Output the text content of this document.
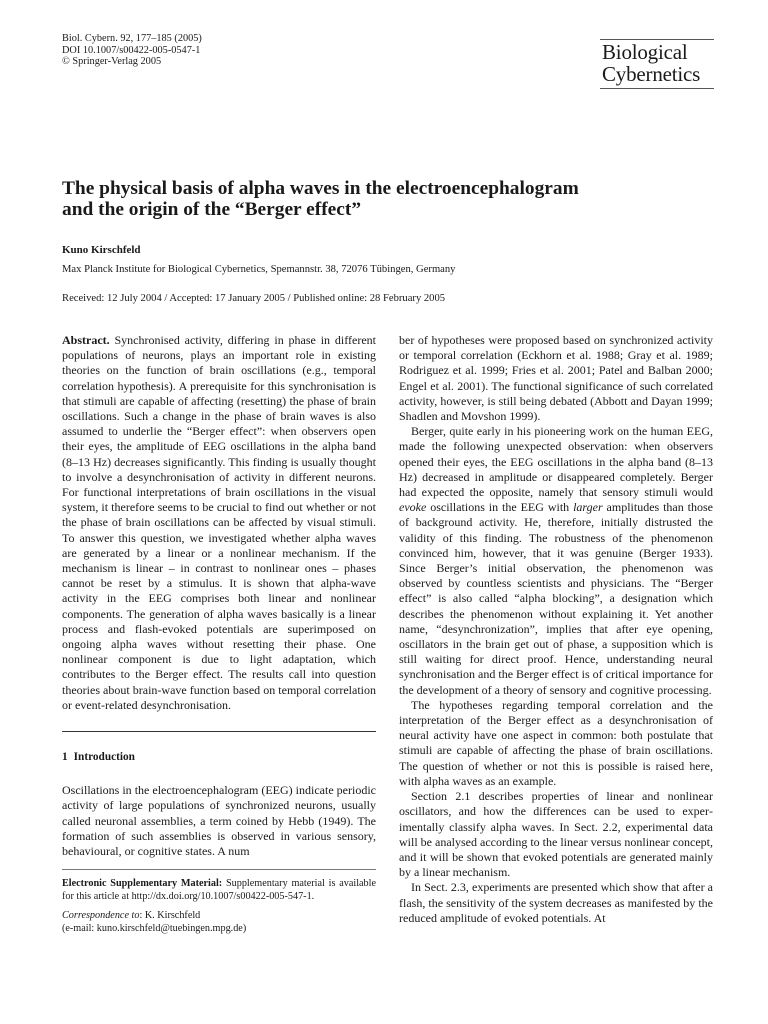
Biol. Cybern. 92, 177–185 (2005)
DOI 10.1007/s00422-005-0547-1
© Springer-Verlag 2005	Biological
Cybernetics
The physical basis of alpha waves in the electroencephalogram
and the origin of the “Berger effect”
Kuno Kirschfeld
Max Planck Institute for Biological Cybernetics, Spemannstr. 38, 72076 Tübingen, Germany
Received: 12 July 2004 / Accepted: 17 January 2005 / Published online: 28 February 2005

Abstract. Synchronised activity, differing in phase in different populations of neurons, plays an important role in existing theories on the function of brain oscillations (e.g., temporal correlation hypothesis). A prerequisite for this synchronisation is that stimuli are capable of affecting (resetting) the phase of brain oscillations. Such a change in the phase of brain waves is also assumed to underlie the “Berger effect”: when observers open their eyes, the amplitude of EEG oscillations in the alpha band (8–13 Hz) decreases significantly. This finding is usually thought to involve a desynchronisation of activity in different neurons. For functional interpretations of brain oscillations in the visual system, it therefore seems to be crucial to find out whether or not the phase of brain oscillations can be affected by visual stimuli. To answer this question, we investigated whether alpha waves are generated by a linear or a nonlinear mechanism. If the mechanism is linear – in contrast to nonlinear ones – phases cannot be reset by a stimulus. It is shown that alpha-wave activity in the EEG comprises both linear and nonlinear components. The generation of alpha waves basically is a linear process and flash-evoked potentials are superimposed on ongoing alpha waves without resetting their phase. One nonlinear component is due to light adaptation, which contributes to the Berger effect. The results call into question theories about brain-wave function based on temporal correlation or event-related desynchronisation.

1 Introduction

Oscillations in the electroencephalogram (EEG) indicate periodic activity of large populations of synchronized neurons, usually called neuronal assemblies, a term coined by Hebb (1949). The formation of such assemblies is observed in various sensory, behavioural, or cognitive states. A num

Electronic Supplementary Material: Supplementary material is available for this article at http://dx.doi.org/10.1007/s00422-005-547-1.

Correspondence to: K. Kirschfeld
(e-mail: kuno.kirschfeld@tuebingen.mpg.de)

ber of hypotheses were proposed based on synchronized activity or temporal correlation (Eckhorn et al. 1988; Gray et al. 1989; Rodriguez et al. 1999; Fries et al. 2001; Patel and Balban 2000; Engel et al. 2001). The functional significance of such correlated activity, however, is still being debated (Abbott and Dayan 1999; Shadlen and Movshon 1999).

Berger, quite early in his pioneering work on the human EEG, made the following unexpected observation: when observers opened their eyes, the EEG oscillations in the alpha band (8–13 Hz) decreased in amplitude or disappeared completely. Berger had expected the opposite, namely that sensory stimuli would evoke oscillations in the EEG with larger amplitudes than those of background activity. He, therefore, initially distrusted the validity of this finding. The robustness of the phenomenon convinced him, however, that it was genuine (Berger 1933). Since Berger’s initial observation, the phenomenon was observed by countless scientists and physicians. The “Berger effect” is also called “alpha blocking”, a designation which describes the phenomenon without explaining it. Yet another name, “desynchronization”, implies that after eye opening, oscillators in the brain get out of phase, a supposition which is still waiting for direct proof. Hence, understanding neural synchronisation and the Berger effect is of critical importance for the development of a theory of sensory and cognitive processing.

The hypotheses regarding temporal correlation and the interpretation of the Berger effect as a desynchronisation of neural activity have one aspect in common: both postulate that stimuli are capable of affecting the phase of brain oscillations. The question of whether or not this is possible is raised here, with alpha waves as an example.

Section 2.1 describes properties of linear and nonlinear oscillators, and how the differences can be used to experimentally classify alpha waves. In Sect. 2.2, experimental data will be analysed according to the linear versus nonlinear concept, and it will be shown that evoked potentials are generated mainly by a linear mechanism.

In Sect. 2.3, experiments are presented which show that after a flash, the sensitivity of the system decreases as manifested by the reduced amplitude of evoked potentials. At
